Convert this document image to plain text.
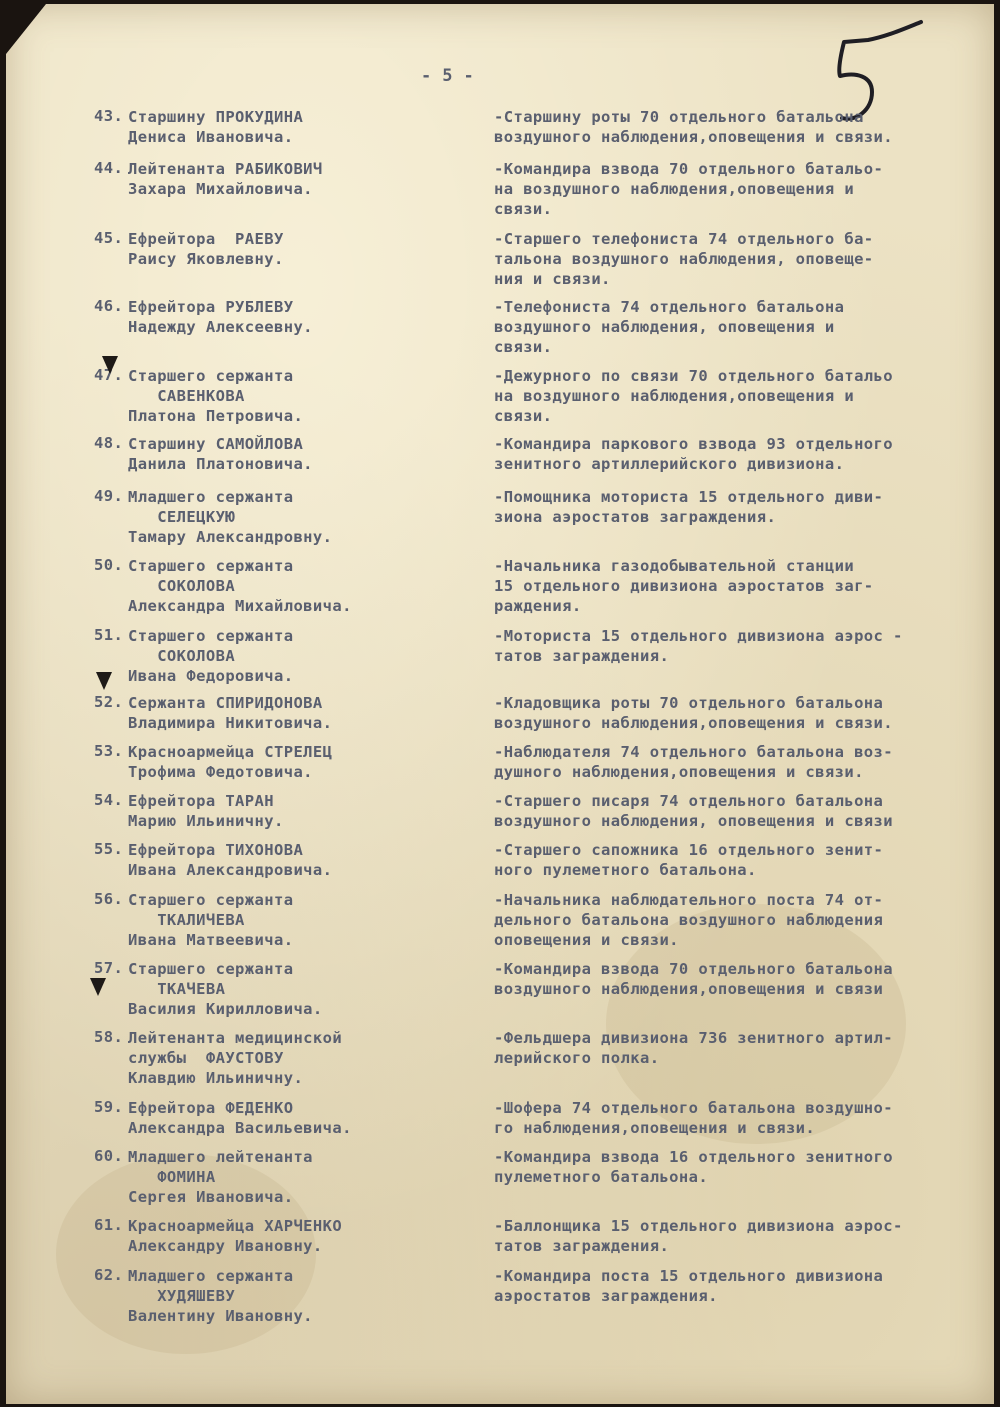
- 5 -
43. Старшину ПРОКУДИНА
Дениса Ивановича.
-Старшину роты 70 отдельного батальона
воздушного наблюдения,оповещения и связи.
44. Лейтенанта РАБИКОВИЧ
Захара Михайловича.
-Командира взвода 70 отдельного батальо-
на воздушного наблюдения,оповещения и
связи.
45. Ефрейтора  РАЕВУ
Раису Яковлевну.
-Старшего телефониста 74 отдельного ба-
тальона воздушного наблюдения, оповеще-
ния и связи.
46. Ефрейтора РУБЛЕВУ
Надежду Алексеевну.
-Телефониста 74 отдельного батальона
воздушного наблюдения, оповещения и
связи.
47. Старшего сержанта
САВЕНКОВА
Платона Петровича.
-Дежурного по связи 70 отдельного батальо
на воздушного наблюдения,оповещения и
связи.
48. Старшину САМОЙЛОВА
Данила Платоновича.
-Командира паркового взвода 93 отдельного
зенитного артиллерийского дивизиона.
49. Младшего сержанта
СЕЛЕЦКУЮ
Тамару Александровну.
-Помощника моториста 15 отдельного диви-
зиона аэростатов заграждения.
50. Старшего сержанта
СОКОЛОВА
Александра Михайловича.
-Начальника газодобывательной станции
15 отдельного дивизиона аэростатов заг-
раждения.
51. Старшего сержанта
СОКОЛОВА
Ивана Федоровича.
-Моториста 15 отдельного дивизиона аэрос -
татов заграждения.
52. Сержанта СПИРИДОНОВА
Владимира Никитовича.
-Кладовщика роты 70 отдельного батальона
воздушного наблюдения,оповещения и связи.
53. Красноармейца СТРЕЛЕЦ
Трофима Федотовича.
-Наблюдателя 74 отдельного батальона воз-
душного наблюдения,оповещения и связи.
54. Ефрейтора ТАРАН
Марию Ильиничну.
-Старшего писаря 74 отдельного батальона
воздушного наблюдения, оповещения и связи
55. Ефрейтора ТИХОНОВА
Ивана Александровича.
-Старшего сапожника 16 отдельного зенит-
ного пулеметного батальона.
56. Старшего сержанта
ТКАЛИЧЕВА
Ивана Матвеевича.
-Начальника наблюдательного поста 74 от-
дельного батальона воздушного наблюдения
оповещения и связи.
57. Старшего сержанта
ТКАЧЕВА
Василия Кирилловича.
-Командира взвода 70 отдельного батальона
воздушного наблюдения,оповещения и связи
58. Лейтенанта медицинской
службы  ФАУСТОВУ
Клавдию Ильиничну.
-Фельдшера дивизиона 736 зенитного артил-
лерийского полка.
59. Ефрейтора ФЕДЕНКО
Александра Васильевича.
-Шофера 74 отдельного батальона воздушно-
го наблюдения,оповещения и связи.
60. Младшего лейтенанта
ФОМИНА
Сергея Ивановича.
-Командира взвода 16 отдельного зенитного
пулеметного батальона.
61. Красноармейца ХАРЧЕНКО
Александру Ивановну.
-Баллонщика 15 отдельного дивизиона аэрос-
татов заграждения.
62. Младшего сержанта
ХУДЯШЕВУ
Валентину Ивановну.
-Командира поста 15 отдельного дивизиона
аэростатов заграждения.
